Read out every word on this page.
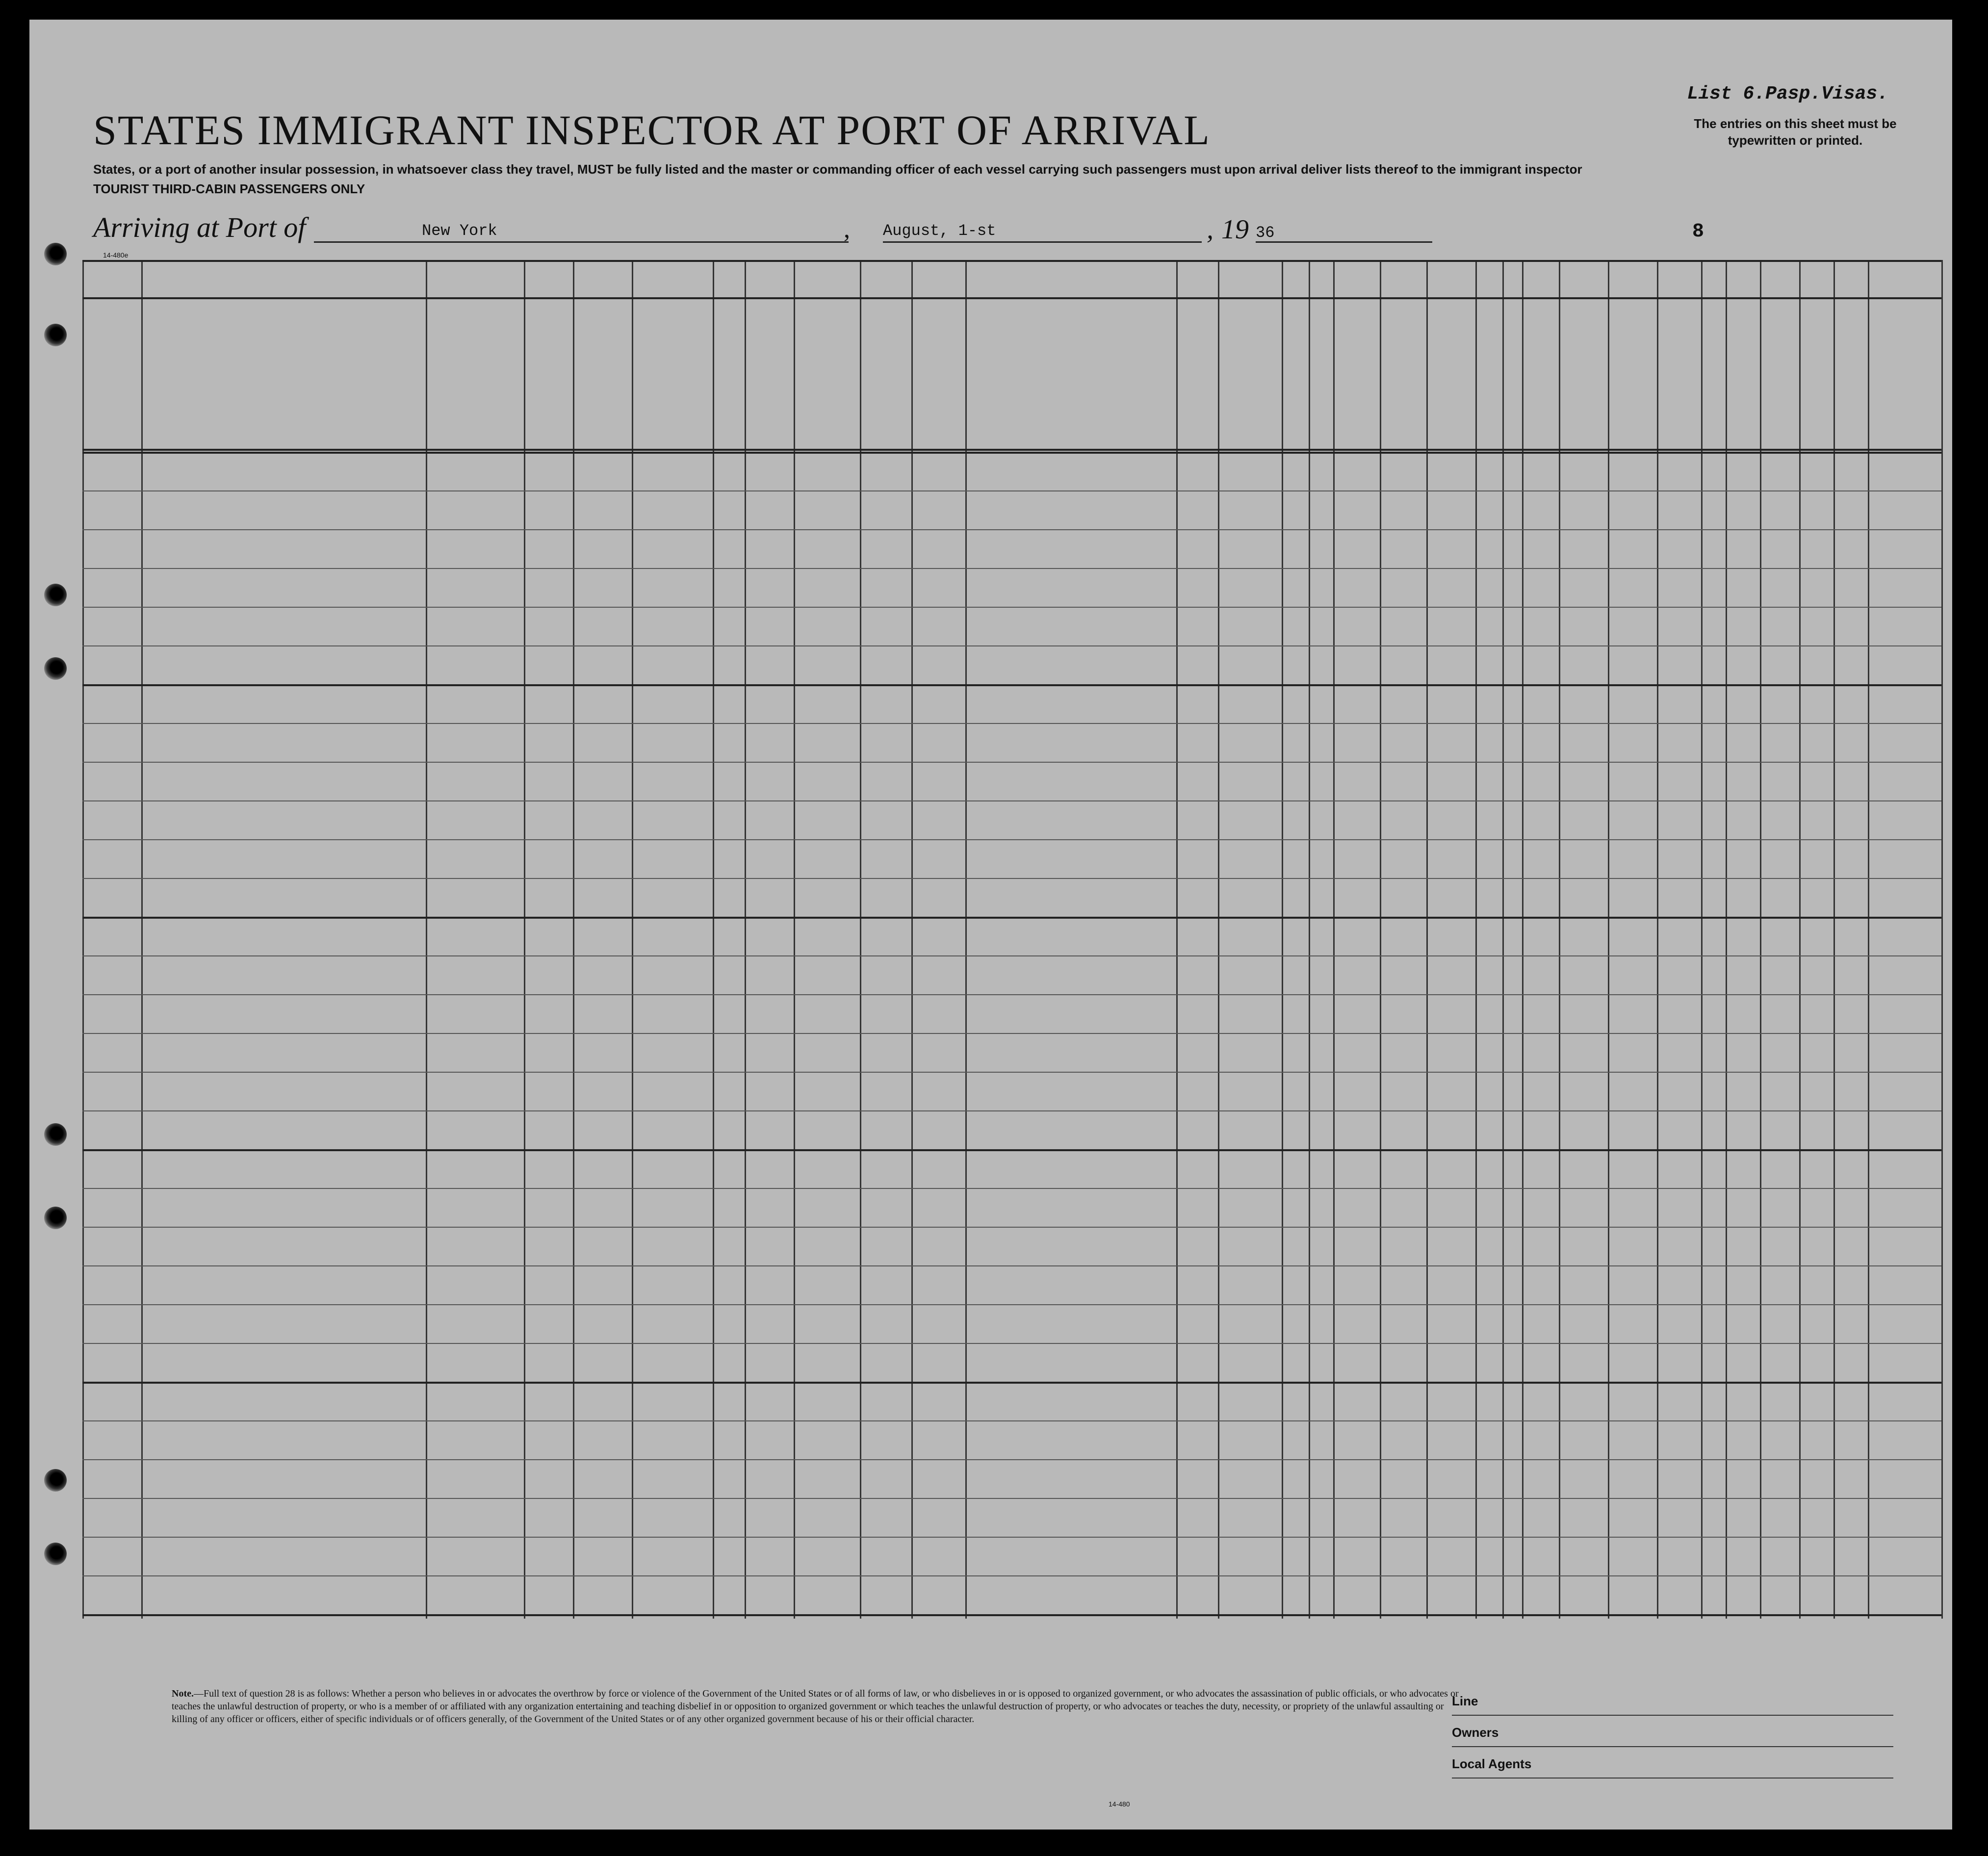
STATES IMMIGRANT INSPECTOR AT PORT OF ARRIVAL
List 6.Pasp.Visas.
The entries on this sheet must be typewritten or printed.
States, or a port of another insular possession, in whatsoever class they travel, MUST be fully listed and the master or commanding officer of each vessel carrying such passengers must upon arrival deliver lists thereof to the immigrant inspector
TOURIST THIRD-CABIN PASSENGERS ONLY
Arriving at Port of	New York	, August, 1-st	, 19 36	8
14-480e
Note.—Full text of question 28 is as follows: Whether a person who believes in or advocates the overthrow by force or violence of the Government of the United States or of all forms of law, or who disbelieves in or is opposed to organized government, or who advocates the assassination of public officials, or who advocates or teaches the unlawful destruction of property, or who is a member of or affiliated with any organization entertaining and teaching disbelief in or opposition to organized government or which teaches the unlawful destruction of property, or who advocates or teaches the duty, necessity, or propriety of the unlawful assaulting or killing of any officer or officers, either of specific individuals or of officers generally, of the Government of the United States or of any other organized government because of his or their official character.
Line
Owners
Local Agents
14-480
